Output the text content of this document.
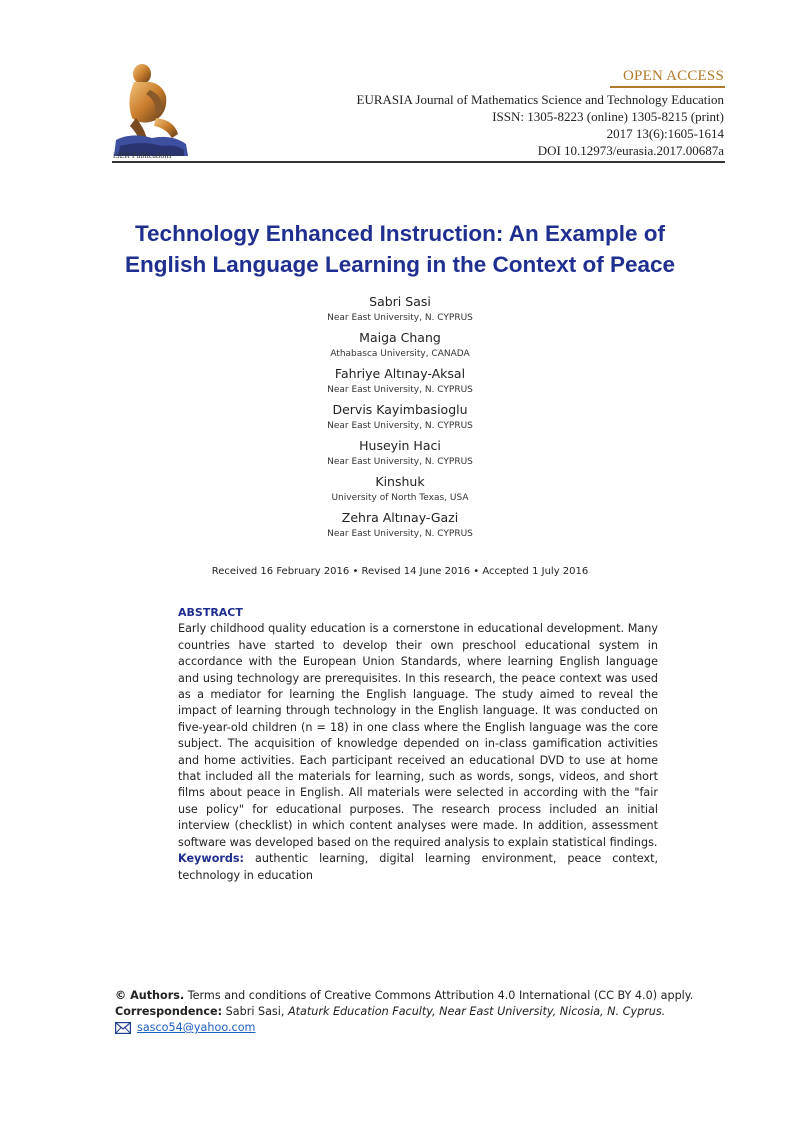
iSER Publications
OPEN ACCESS
EURASIA Journal of Mathematics Science and Technology Education
ISSN: 1305-8223 (online) 1305-8215 (print)
2017 13(6):1605-1614
DOI 10.12973/eurasia.2017.00687a
Technology Enhanced Instruction: An Example of
English Language Learning in the Context of Peace
Sabri Sasi
Near East University, N. CYPRUS
Maiga Chang
Athabasca University, CANADA
Fahriye Altınay-Aksal
Near East University, N. CYPRUS
Dervis Kayimbasioglu
Near East University, N. CYPRUS
Huseyin Haci
Near East University, N. CYPRUS
Kinshuk
University of North Texas, USA
Zehra Altınay-Gazi
Near East University, N. CYPRUS
Received 16 February 2016 • Revised 14 June 2016 • Accepted 1 July 2016
ABSTRACT
Early childhood quality education is a cornerstone in educational development. Many countries have started to develop their own preschool educational system in accordance with the European Union Standards, where learning English language and using technology are prerequisites. In this research, the peace context was used as a mediator for learning the English language. The study aimed to reveal the impact of learning through technology in the English language. It was conducted on five-year-old children (n = 18) in one class where the English language was the core subject. The acquisition of knowledge depended on in-class gamification activities and home activities. Each participant received an educational DVD to use at home that included all the materials for learning, such as words, songs, videos, and short films about peace in English. All materials were selected in according with the "fair use policy" for educational purposes. The research process included an initial interview (checklist) in which content analyses were made. In addition, assessment software was developed based on the required analysis to explain statistical findings.
Keywords: authentic learning, digital learning environment, peace context, technology in education
© Authors. Terms and conditions of Creative Commons Attribution 4.0 International (CC BY 4.0) apply.
Correspondence: Sabri Sasi, Ataturk Education Faculty, Near East University, Nicosia, N. Cyprus.
sasco54@yahoo.com
